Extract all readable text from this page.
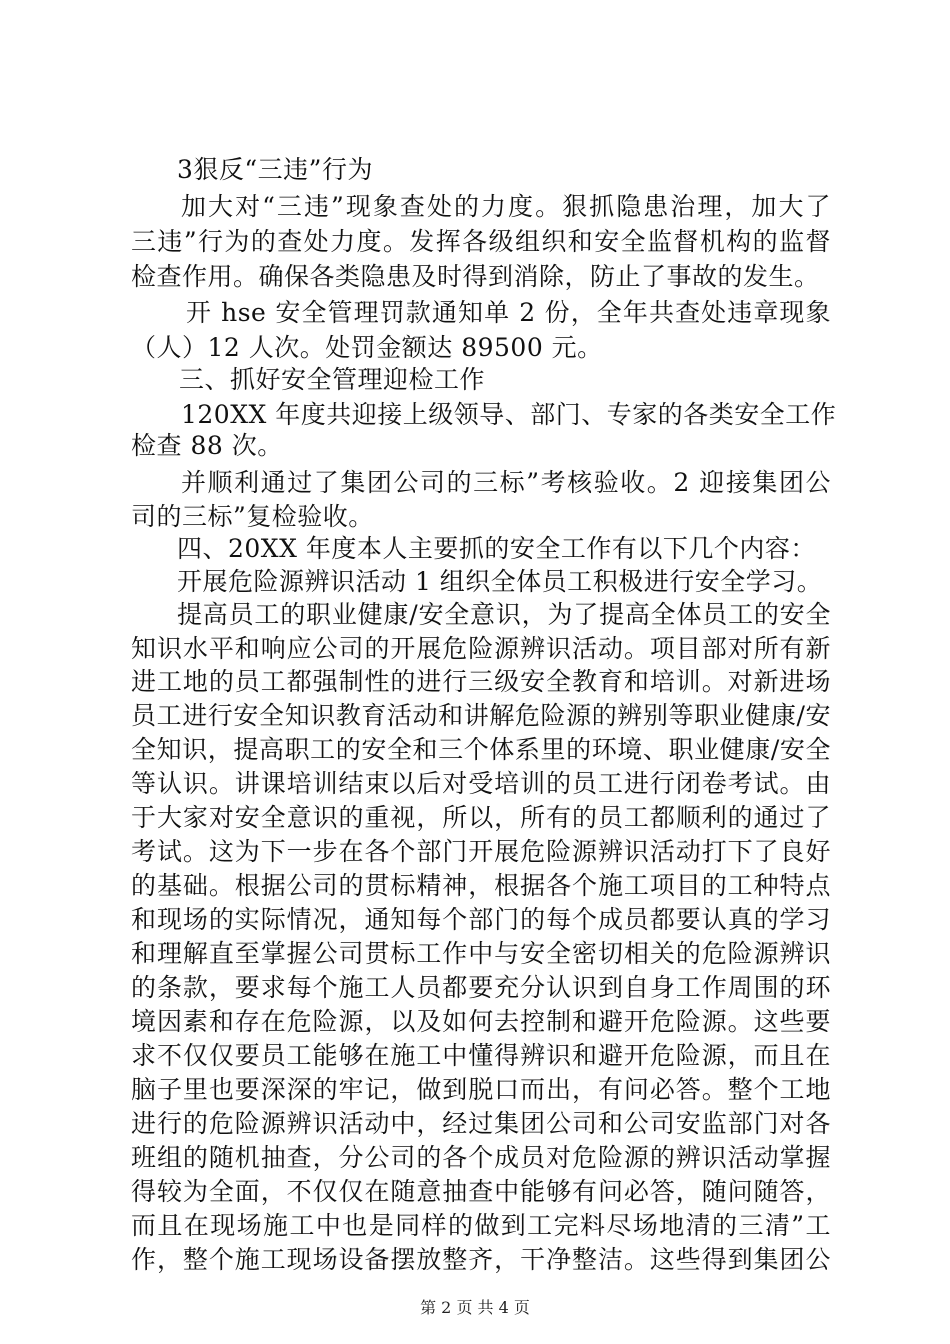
3狠反“三违”行为
加大对“三违”现象查处的力度。狠抓隐患治理，加大了
三违”行为的查处力度。发挥各级组织和安全监督机构的监督
检查作用。确保各类隐患及时得到消除，防止了事故的发生。
开 hse 安全管理罚款通知单 2 份，全年共查处违章现象
（人）12 人次。处罚金额达 89500 元。
三、抓好安全管理迎检工作
120XX 年度共迎接上级领导、部门、专家的各类安全工作
检查 88 次。
并顺利通过了集团公司的三标”考核验收。2 迎接集团公
司的三标”复检验收。
四、20XX 年度本人主要抓的安全工作有以下几个内容：
开展危险源辨识活动 1 组织全体员工积极进行安全学习。
提高员工的职业健康/安全意识，为了提高全体员工的安全
知识水平和响应公司的开展危险源辨识活动。项目部对所有新
进工地的员工都强制性的进行三级安全教育和培训。对新进场
员工进行安全知识教育活动和讲解危险源的辨别等职业健康/安
全知识，提高职工的安全和三个体系里的环境、职业健康/安全
等认识。讲课培训结束以后对受培训的员工进行闭卷考试。由
于大家对安全意识的重视，所以，所有的员工都顺利的通过了
考试。这为下一步在各个部门开展危险源辨识活动打下了良好
的基础。根据公司的贯标精神，根据各个施工项目的工种特点
和现场的实际情况，通知每个部门的每个成员都要认真的学习
和理解直至掌握公司贯标工作中与安全密切相关的危险源辨识
的条款，要求每个施工人员都要充分认识到自身工作周围的环
境因素和存在危险源，以及如何去控制和避开危险源。这些要
求不仅仅要员工能够在施工中懂得辨识和避开危险源，而且在
脑子里也要深深的牢记，做到脱口而出，有问必答。整个工地
进行的危险源辨识活动中，经过集团公司和公司安监部门对各
班组的随机抽查，分公司的各个成员对危险源的辨识活动掌握
得较为全面，不仅仅在随意抽查中能够有问必答，随问随答，
而且在现场施工中也是同样的做到工完料尽场地清的三清”工
作，整个施工现场设备摆放整齐，干净整洁。这些得到集团公
第 2 页 共 4 页
